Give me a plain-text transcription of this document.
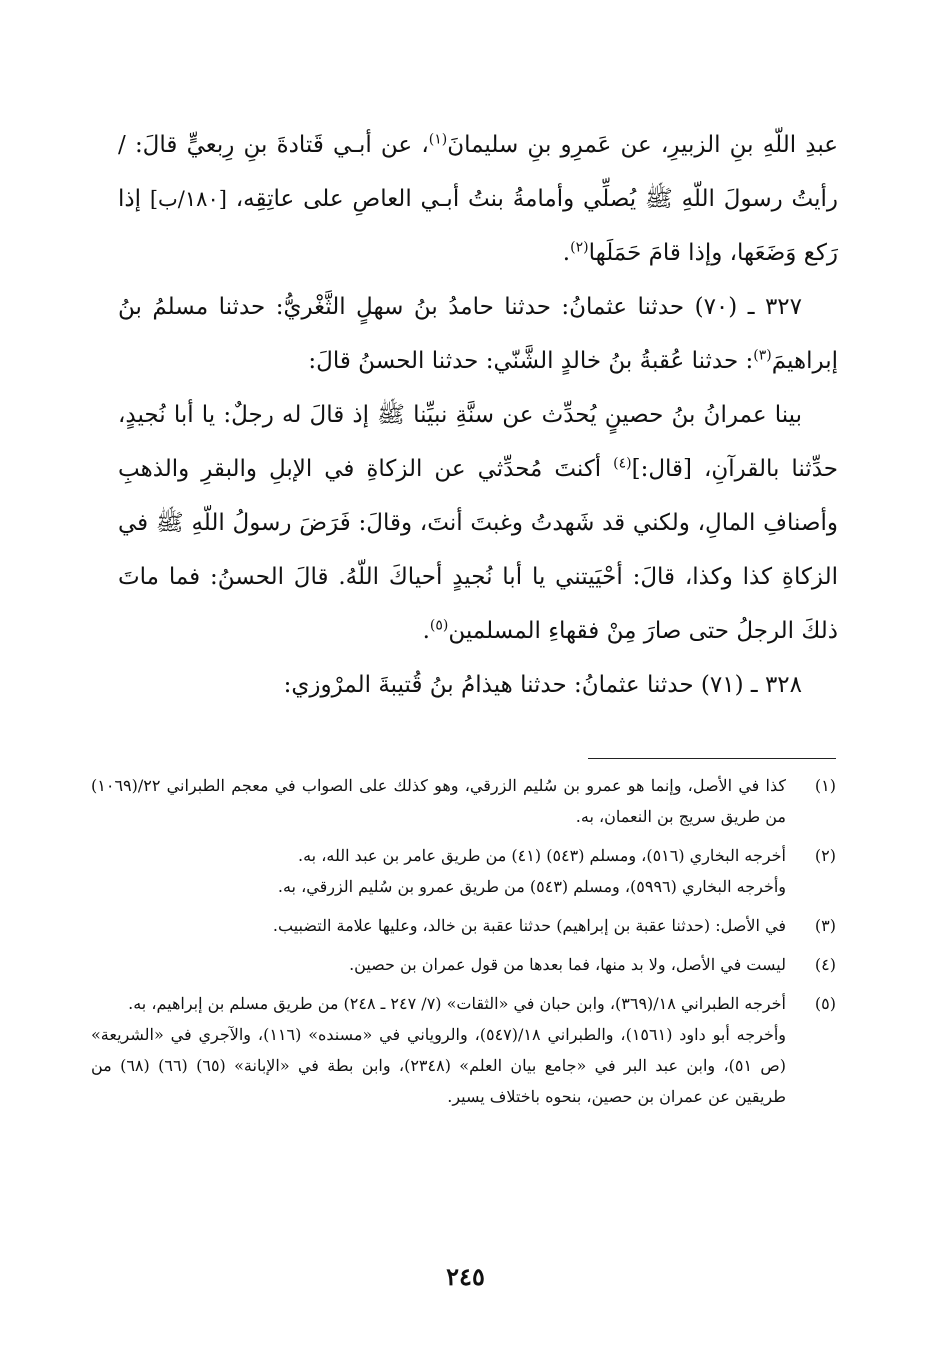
عبدِ اللّهِ بنِ الزبيرِ، عن عَمرِو بنِ سليمانَ$^{(١)}$، عن أبـي قَتادةَ بنِ رِبعيٍّ قالَ: / رأيتُ رسولَ اللّهِ ﷺ يُصلِّي وأمامةُ بنتُ أبـي العاصِ على عاتِقِه، [١٨٠/ب] إذا رَكع وَضَعَها، وإذا قامَ حَمَلَها$^{(٢)}$.

٣٢٧ ـ (٧٠) حدثنا عثمانُ: حدثنا حامدُ بنُ سهلٍ الثَّغْريُّ: حدثنا مسلمُ بنُ إبراهيمَ$^{(٣)}$: حدثنا عُقبةُ بنُ خالدٍ الشَّنّي: حدثنا الحسنُ قالَ:

بينا عمرانُ بنُ حصينٍ يُحدِّث عن سنَّةِ نبيِّنا ﷺ إذ قالَ له رجلٌ: يا أبا نُجيدٍ، حدِّثنا بالقرآنِ، [قال:]$^{(٤)}$ أكنتَ مُحدِّثي عن الزكاةِ في الإبلِ والبقرِ والذهبِ وأصنافِ المالِ، ولكني قد شَهدتُ وغبتَ أنتَ، وقالَ: فَرَضَ رسولُ اللّهِ ﷺ في الزكاةِ كذا وكذا، قالَ: أحْيَيتني يا أبا نُجيدٍ أحياكَ اللّهُ. قالَ الحسنُ: فما ماتَ ذلكَ الرجلُ حتى صارَ مِنْ فقهاءِ المسلمين$^{(٥)}$.

٣٢٨ ـ (٧١) حدثنا عثمانُ: حدثنا هيذامُ بنُ قُتيبةَ المرْوزي:

(١)

كذا في الأصل، وإنما هو عمرو بن سُليم الزرقي، وهو كذلك على الصواب في معجم الطبراني ٢٢/(١٠٦٩) من طريق سريج بن النعمان، به.

(٢)

أخرجه البخاري (٥١٦)، ومسلم (٥٤٣) (٤١) من طريق عامر بن عبد الله، به.

وأخرجه البخاري (٥٩٩٦)، ومسلم (٥٤٣) من طريق عمرو بن سُليم الزرقي، به.

(٣)

في الأصل: (حدثنا عقبة بن إبراهيم) حدثنا عقبة بن خالد، وعليها علامة التضبيب.

(٤)

ليست في الأصل، ولا بد منها، فما بعدها من قول عمران بن حصين.

(٥)

أخرجه الطبراني ١٨/(٣٦٩)، وابن حبان في «الثقات» (٧/ ٢٤٧ ـ ٢٤٨) من طريق مسلم بن إبراهيم، به.

وأخرجه أبو داود (١٥٦١)، والطبراني ١٨/(٥٤٧)، والروياني في «مسنده» (١١٦)، والآجري في «الشريعة» (ص ٥١)، وابن عبد البر في «جامع بيان العلم» (٢٣٤٨)، وابن بطة في «الإبانة» (٦٥) (٦٦) (٦٨) من طريقين عن عمران بن حصين، بنحوه باختلاف يسير.

٢٤٥
